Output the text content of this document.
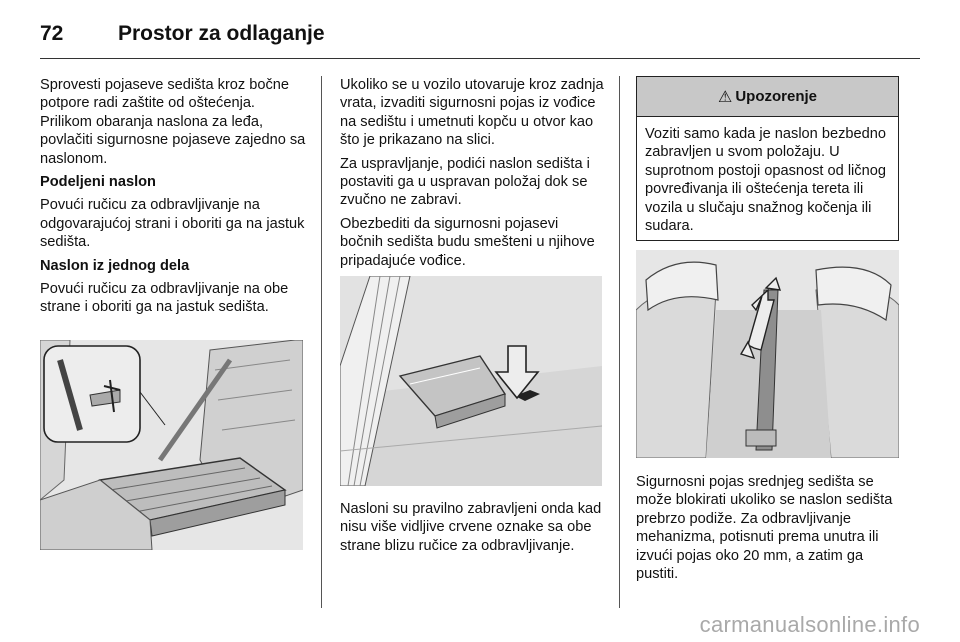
72	Prostor za odlaganje

Sprovesti pojaseve sedišta kroz bočne potpore radi zaštite od oštećenja. Prilikom obaranja naslona za leđa, povlačiti sigurnosne pojaseve zajedno sa naslonom.

Podeljeni naslon

Povući ručicu za odbravljivanje na odgovarajućoj strani i oboriti ga na jastuk sedišta.

Naslon iz jednog dela

Povući ručicu za odbravljivanje na obe strane i oboriti ga na jastuk sedišta.

Ukoliko se u vozilo utovaruje kroz zadnja vrata, izvaditi sigurnosni pojas iz vođice na sedištu i umetnuti kopču u otvor kao što je prikazano na slici.

Za uspravljanje, podići naslon sedišta i postaviti ga u uspravan položaj dok se zvučno ne zabravi.

Obezbediti da sigurnosni pojasevi bočnih sedišta budu smešteni u njihove pripadajuće vođice.

Nasloni su pravilno zabravljeni onda kad nisu više vidljive crvene oznake sa obe strane blizu ručice za odbravljivanje.

⚠ Upozorenje
Voziti samo kada je naslon bezbedno zabravljen u svom položaju. U suprotnom postoji opasnost od ličnog povređivanja ili oštećenja tereta ili vozila u slučaju snažnog kočenja ili sudara.

Sigurnosni pojas srednjeg sedišta se može blokirati ukoliko se naslon sedišta prebrzo podiže. Za odbravljivanje mehanizma, potisnuti prema unutra ili izvući pojas oko 20 mm, a zatim ga pustiti.

carmanualsonline.info
